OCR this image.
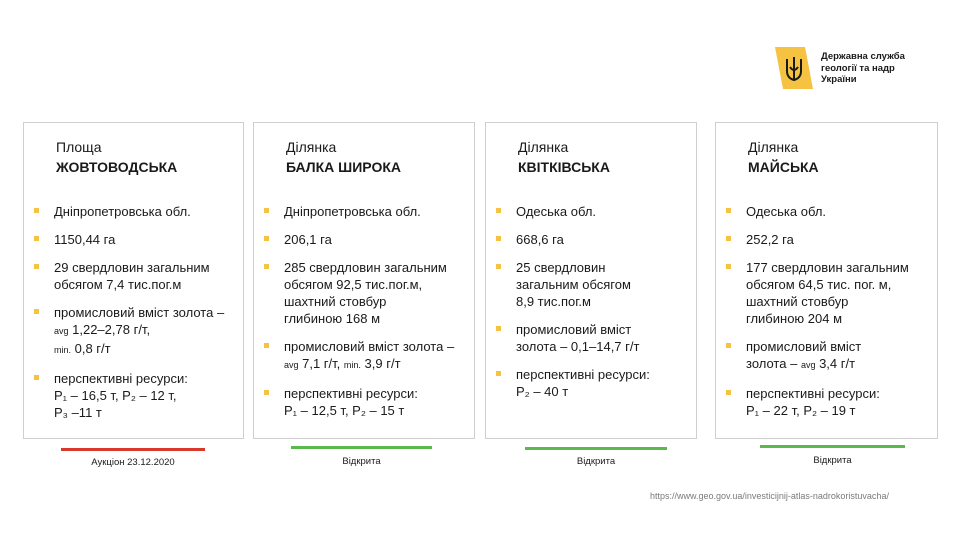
Державна служба
геології та надр
України
Площа
ЖОВТОВОДСЬКА
Дніпропетровська обл.
1150,44 га
29 свердловин загальним
обсягом 7,4 тис.пог.м
промисловий вміст золота –
avg 1,22–2,78 г/т,
min. 0,8 г/т
перспективні ресурси:
P₁ – 16,5 т, P₂ – 12 т,
P₃ –11 т
Ділянка
БАЛКА ШИРОКА
Дніпропетровська обл.
206,1 га
285 свердловин загальним
обсягом 92,5 тис.пог.м,
шахтний стовбур
глибиною 168 м
промисловий вміст золота –
avg 7,1 г/т, min. 3,9 г/т
перспективні ресурси:
P₁ – 12,5 т, P₂ – 15 т
Ділянка
КВІТКІВСЬКА
Одеська обл.
668,6 га
25 свердловин
загальним обсягом
8,9 тис.пог.м
промисловий вміст
золота – 0,1–14,7 г/т
перспективні ресурси:
P₂ – 40 т
Ділянка
МАЙСЬКА
Одеська обл.
252,2 га
177 свердловин загальним
обсягом 64,5 тис. пог. м,
шахтний стовбур
глибиною 204 м
промисловий вміст
золота – avg 3,4 г/т
перспективні ресурси:
P₁ – 22 т, P₂ – 19 т
Аукціон 23.12.2020	Відкрита	Відкрита	Відкрита
https://www.geo.gov.ua/investicijnij-atlas-nadrokoristuvacha/
